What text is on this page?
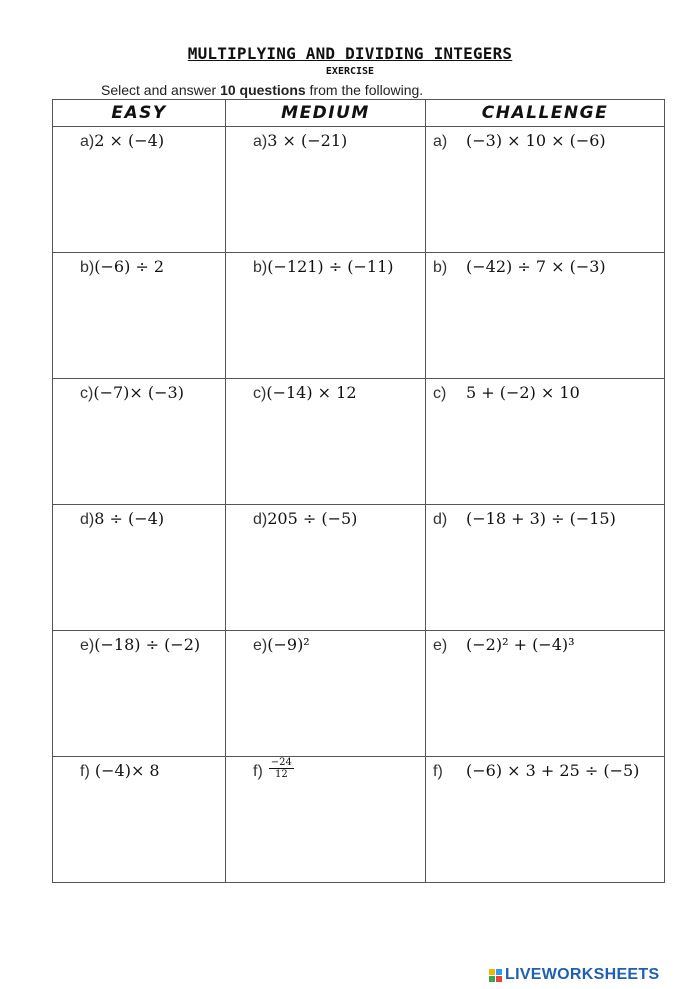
MULTIPLYING AND DIVIDING INTEGERS
EXERCISE
Select and answer 10 questions from the following.
EASY	MEDIUM	CHALLENGE

a)2 × (−4)	a)3 × (−21)	a) (−3) × 10 × (−6)

b)(−6) ÷ 2	b)(−121) ÷ (−11)	b) (−42) ÷ 7 × (−3)

c)(−7)× (−3)	c)(−14) × 12	c) 5 + (−2) × 10

d)8 ÷ (−4)	d)205 ÷ (−5)	d) (−18 + 3) ÷ (−15)

e)(−18) ÷ (−2)	e)(−9)²	e) (−2)² + (−4)³

f) (−4)× 8	$f) \frac{-24}{12}$	f) (−6) × 3 + 25 ÷ (−5)
LIVEWORKSHEETS
